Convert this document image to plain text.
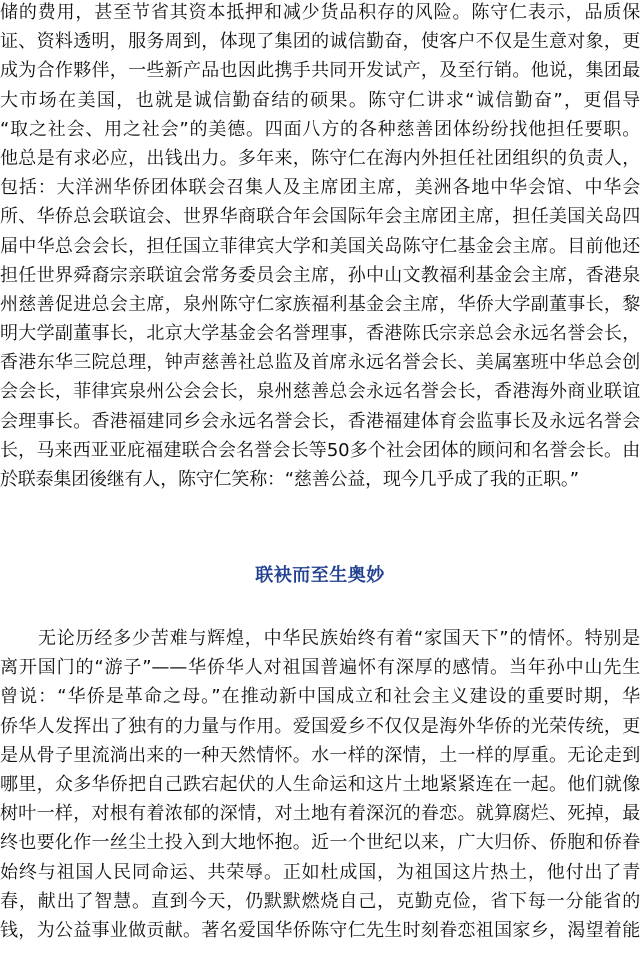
储的费用，甚至节省其资本抵押和减少货品积存的风险。陈守仁表示，品质保
证、资料透明，服务周到，体现了集团的诚信勤奋，使客户不仅是生意对象，更
成为合作夥伴，一些新产品也因此携手共同开发试产，及至行销。他说，集团最
大市场在美国，也就是诚信勤奋结的硕果。陈守仁讲求“诚信勤奋”，更倡导
“取之社会、用之社会”的美德。四面八方的各种慈善团体纷纷找他担任要职。
他总是有求必应，出钱出力。多年来，陈守仁在海内外担任社团组织的负责人，
包括：大洋洲华侨团体联会召集人及主席团主席，美洲各地中华会馆、中华会
所、华侨总会联谊会、世界华商联合年会国际年会主席团主席，担任美国关岛四
届中华总会会长，担任国立菲律宾大学和美国关岛陈守仁基金会主席。目前他还
担任世界舜裔宗亲联谊会常务委员会主席，孙中山文教福利基金会主席，香港泉
州慈善促进总会主席，泉州陈守仁家族福利基金会主席，华侨大学副董事长，黎
明大学副董事长，北京大学基金会名誉理事，香港陈氏宗亲总会永远名誉会长，
香港东华三院总理，钟声慈善社总监及首席永远名誉会长、美属塞班中华总会创
会会长，菲律宾泉州公会会长，泉州慈善总会永远名誉会长，香港海外商业联谊
会理事长。香港福建同乡会永远名誉会长，香港福建体育会监事长及永远名誉会
长，马来西亚亚庇福建联合会名誉会长等50多个社会团体的顾问和名誉会长。由
於联泰集团後继有人，陈守仁笑称：“慈善公益，现今几乎成了我的正职。”
联袂而至生奥妙
无论历经多少苦难与辉煌，中华民族始终有着“家国天下”的情怀。特别是
离开国门的“游子”——华侨华人对祖国普遍怀有深厚的感情。当年孙中山先生
曾说：“华侨是革命之母。”在推动新中国成立和社会主义建设的重要时期，华
侨华人发挥出了独有的力量与作用。爱国爱乡不仅仅是海外华侨的光荣传统，更
是从骨子里流淌出来的一种天然情怀。水一样的深情，土一样的厚重。无论走到
哪里，众多华侨把自己跌宕起伏的人生命运和这片土地紧紧连在一起。他们就像
树叶一样，对根有着浓郁的深情，对土地有着深沉的眷恋。就算腐烂、死掉，最
终也要化作一丝尘土投入到大地怀抱。近一个世纪以来，广大归侨、侨胞和侨眷
始终与祖国人民同命运、共荣辱。正如杜成国，为祖国这片热土，他付出了青
春，献出了智慧。直到今天，仍默默燃烧自己，克勤克俭，省下每一分能省的
钱，为公益事业做贡献。著名爱国华侨陈守仁先生时刻眷恋祖国家乡，渴望着能
